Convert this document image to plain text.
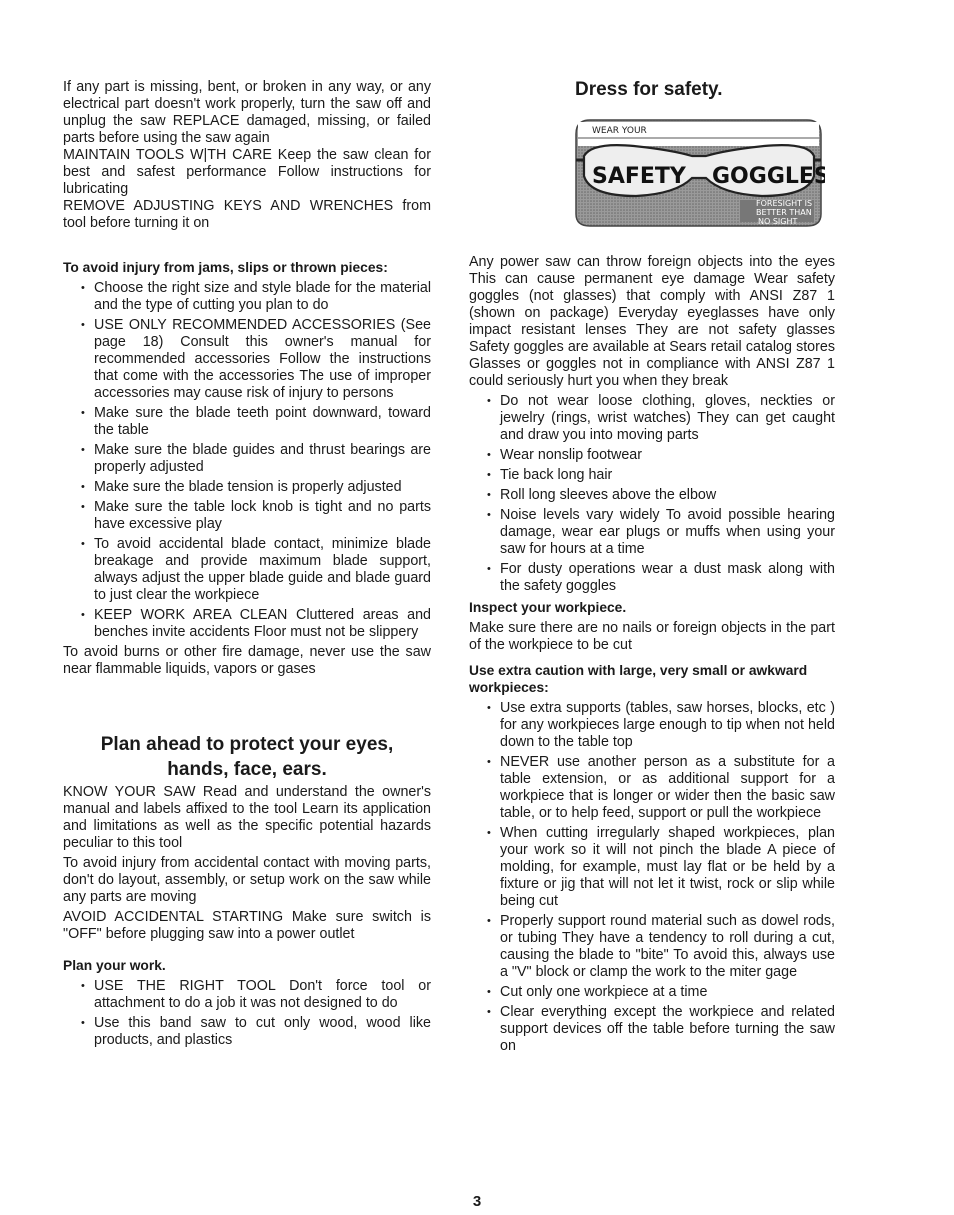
If any part is missing, bent, or broken in any way, or any electrical part doesn't work properly, turn the saw off and unplug the saw REPLACE damaged, missing, or failed parts before using the saw again

MAINTAIN TOOLS W|TH CARE Keep the saw clean for best and safest performance Follow instructions for lubricating

REMOVE ADJUSTING KEYS AND WRENCHES from tool before turning it on

To avoid injury from jams, slips or thrown pieces:
• Choose the right size and style blade for the material and the type of cutting you plan to do
• USE ONLY RECOMMENDED ACCESSORIES (See page 18) Consult this owner's manual for recommended accessories Follow the instructions that come with the accessories The use of improper accessories may cause risk of injury to persons
• Make sure the blade teeth point downward, toward the table
• Make sure the blade guides and thrust bearings are properly adjusted
• Make sure the blade tension is properly adjusted
• Make sure the table lock knob is tight and no parts have excessive play
• To avoid accidental blade contact, minimize blade breakage and provide maximum blade support, always adjust the upper blade guide and blade guard to just clear the workpiece
• KEEP WORK AREA CLEAN Cluttered areas and benches invite accidents Floor must not be slippery

To avoid burns or other fire damage, never use the saw near flammable liquids, vapors or gases

Plan ahead to protect your eyes,
hands, face, ears.

KNOW YOUR SAW Read and understand the owner's manual and labels affixed to the tool Learn its application and limitations as well as the specific potential hazards peculiar to this tool

To avoid injury from accidental contact with moving parts, don't do layout, assembly, or setup work on the saw while any parts are moving

AVOID ACCIDENTAL STARTING Make sure switch is "OFF" before plugging saw into a power outlet

Plan your work.
• USE THE RIGHT TOOL Don't force tool or attachment to do a job it was not designed to do
• Use this band saw to cut only wood, wood like products, and plastics
Dress for safety.
SAFETY GOGGLES
WEAR YOUR
FORESIGHT IS
BETTER THAN
NO SIGHT

Any power saw can throw foreign objects into the eyes This can cause permanent eye damage Wear safety goggles (not glasses) that comply with ANSI Z87 1 (shown on package) Everyday eyeglasses have only impact resistant lenses They are not safety glasses Safety goggles are available at Sears retail catalog stores Glasses or goggles not in compliance with ANSI Z87 1 could seriously hurt you when they break

• Do not wear loose clothing, gloves, neckties or jewelry (rings, wrist watches) They can get caught and draw you into moving parts
• Wear nonslip footwear
• Tie back long hair
• Roll long sleeves above the elbow
• Noise levels vary widely To avoid possible hearing damage, wear ear plugs or muffs when using your saw for hours at a time
• For dusty operations wear a dust mask along with the safety goggles
Inspect your workpiece.

Make sure there are no nails or foreign objects in the part of the workpiece to be cut

Use extra caution with large, very small or awkward workpieces:
• Use extra supports (tables, saw horses, blocks, etc ) for any workpieces large enough to tip when not held down to the table top
• NEVER use another person as a substitute for a table extension, or as additional support for a workpiece that is longer or wider then the basic saw table, or to help feed, support or pull the workpiece
• When cutting irregularly shaped workpieces, plan your work so it will not pinch the blade A piece of molding, for example, must lay flat or be held by a fixture or jig that will not let it twist, rock or slip while being cut
• Properly support round material such as dowel rods, or tubing They have a tendency to roll during a cut, causing the blade to "bite" To avoid this, always use a "V" block or clamp the work to the miter gage
• Cut only one workpiece at a time
• Clear everything except the workpiece and related support devices off the table before turning the saw on
3
